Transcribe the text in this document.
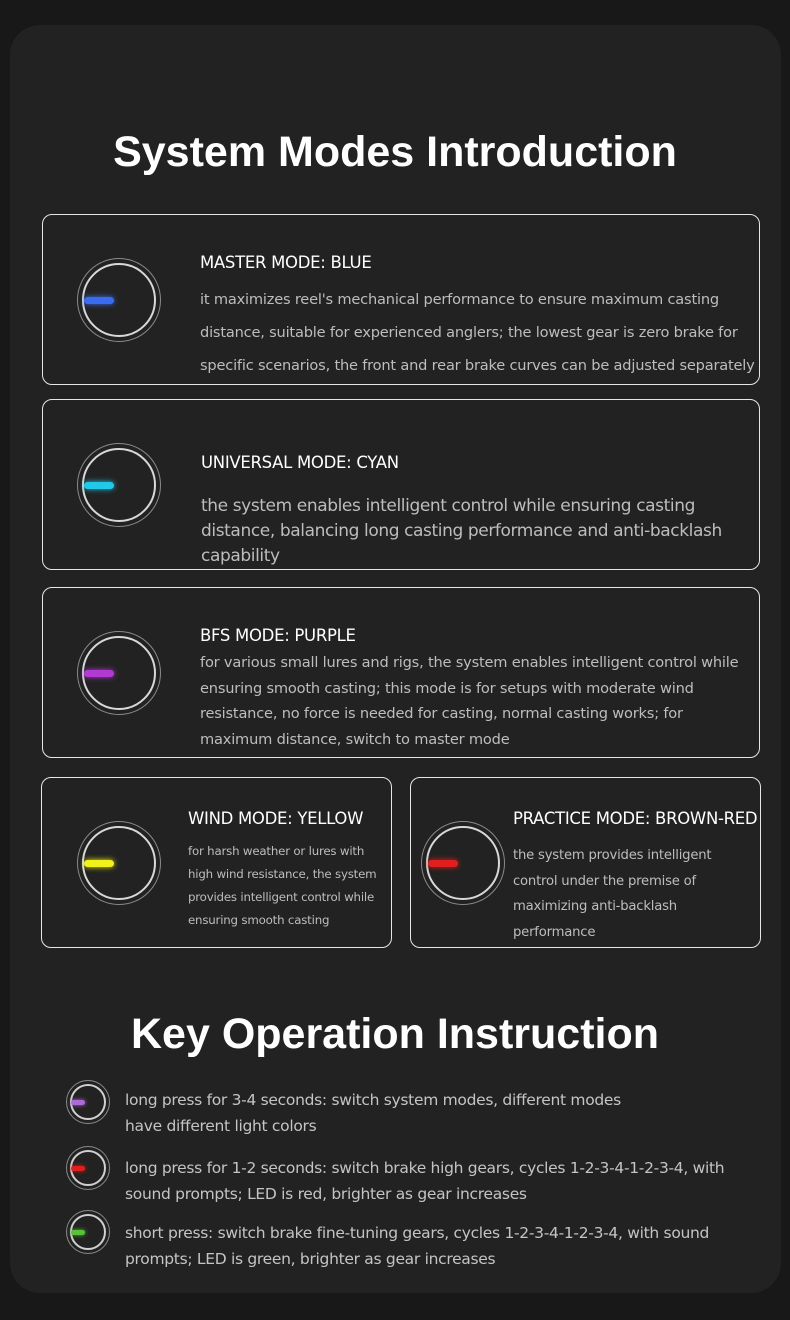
System Modes Introduction
MASTER MODE: BLUE
it maximizes reel's mechanical performance to ensure maximum casting distance, suitable for experienced anglers; the lowest gear is zero brake for specific scenarios, the front and rear brake curves can be adjusted separately
UNIVERSAL MODE: CYAN
the system enables intelligent control while ensuring casting distance, balancing long casting performance and anti-backlash capability
BFS MODE: PURPLE
for various small lures and rigs, the system enables intelligent control while ensuring smooth casting; this mode is for setups with moderate wind resistance, no force is needed for casting, normal casting works; for maximum distance, switch to master mode
WIND MODE: YELLOW
for harsh weather or lures with high wind resistance, the system provides intelligent control while ensuring smooth casting
PRACTICE MODE: BROWN-RED
the system provides intelligent control under the premise of maximizing anti-backlash performance
Key Operation Instruction
long press for 3-4 seconds: switch system modes, different modes have different light colors
long press for 1-2 seconds: switch brake high gears, cycles 1-2-3-4-1-2-3-4, with sound prompts; LED is red, brighter as gear increases
short press: switch brake fine-tuning gears, cycles 1-2-3-4-1-2-3-4, with sound prompts; LED is green, brighter as gear increases
